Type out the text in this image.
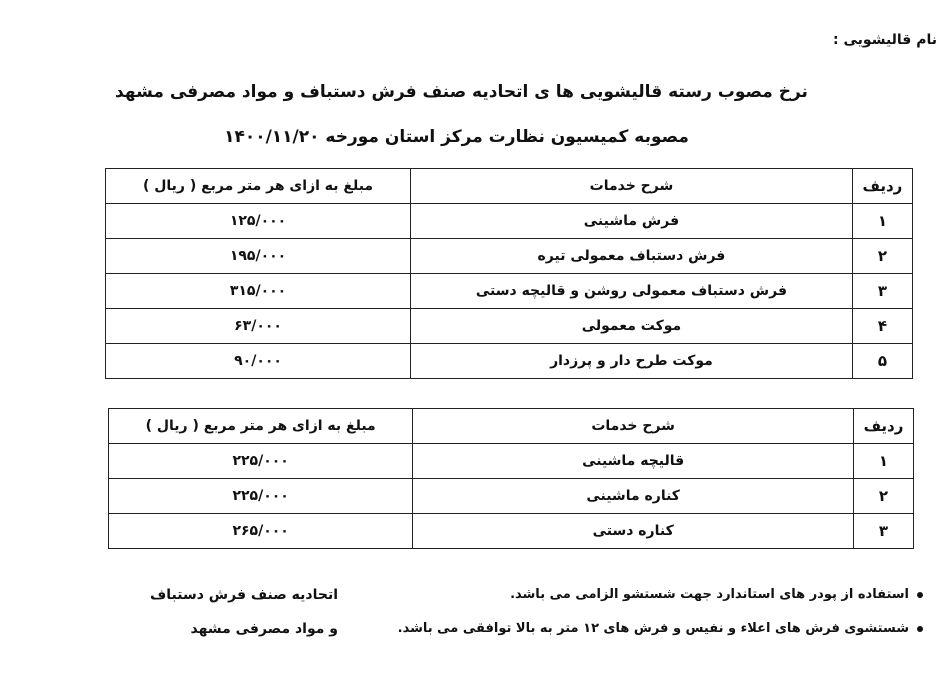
نام قالیشویی :
نرخ مصوب رسته قالیشویی ها ی اتحادیه صنف فرش دستباف و مواد مصرفی مشهد
مصوبه کمیسیون نظارت مرکز استان مورخه ۱۴۰۰/۱۱/۲۰
ردیف	شرح خدمات	مبلغ به ازای هر متر مربع ( ریال )
۱	فرش ماشینی	۱۲۵/۰۰۰
۲	فرش دستباف معمولی تیره	۱۹۵/۰۰۰
۳	فرش دستباف معمولی روشن و قالیچه دستی	۳۱۵/۰۰۰
۴	موکت معمولی	۶۳/۰۰۰
۵	موکت طرح دار و پرزدار	۹۰/۰۰۰
ردیف	شرح خدمات	مبلغ به ازای هر متر مربع ( ریال )
۱	قالیچه ماشینی	۲۲۵/۰۰۰
۲	کناره ماشینی	۲۲۵/۰۰۰
۳	کناره دستی	۲۶۵/۰۰۰
استفاده از پودر های استاندارد جهت شستشو الزامی می باشد.
شستشوی فرش های اعلاء و نفیس و فرش های ۱۲ متر به بالا توافقی می باشد.
اتحادیه صنف فرش دستباف
و مواد مصرفی مشهد
